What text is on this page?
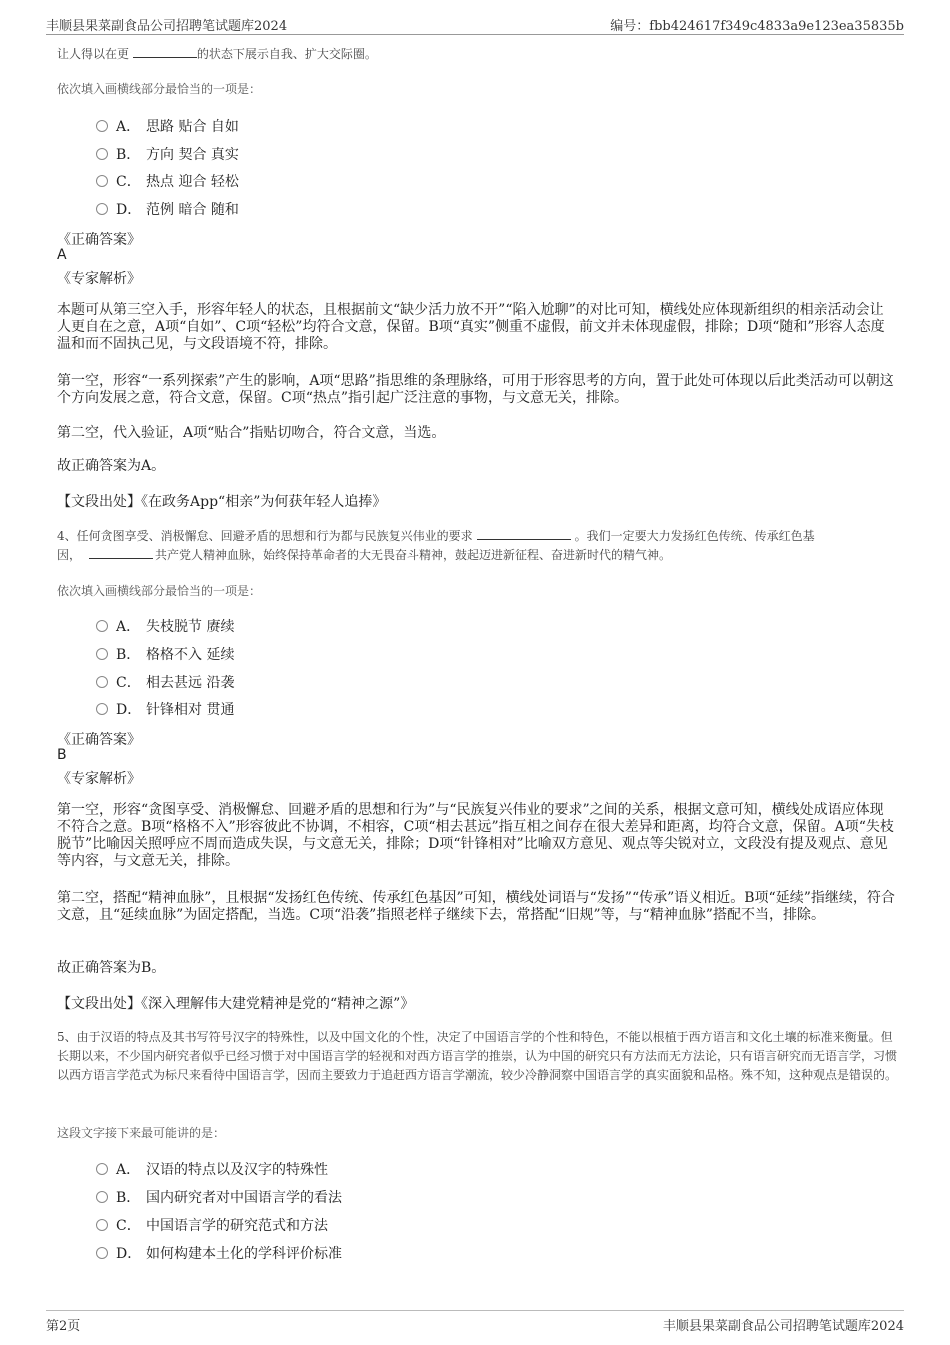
丰顺县果菜副食品公司招聘笔试题库2024	编号：fbb424617f349c4833a9e123ea35835b
让人得以在更	的状态下展示自我、扩大交际圈。
依次填入画横线部分最恰当的一项是：
A． 思路 贴合 自如
B． 方向 契合 真实
C． 热点 迎合 轻松
D． 范例 暗合 随和
《正确答案》
A
《专家解析》
本题可从第三空入手，形容年轻人的状态，且根据前文“缺少活力放不开”“陷入尬聊”的对比可知，横线处应体现新组织的相亲活动会让人更自在之意，A项“自如”、C项“轻松”均符合文意，保留。B项“真实”侧重不虚假，前文并未体现虚假，排除；D项“随和”形容人态度温和而不固执己见，与文段语境不符，排除。
第一空，形容“一系列探索”产生的影响，A项“思路”指思维的条理脉络，可用于形容思考的方向，置于此处可体现以后此类活动可以朝这个方向发展之意，符合文意，保留。C项“热点”指引起广泛注意的事物，与文意无关，排除。
第二空，代入验证，A项“贴合”指贴切吻合，符合文意，当选。
故正确答案为A。
【文段出处】《在政务App“相亲”为何获年轻人追捧》
4、任何贪图享受、消极懈怠、回避矛盾的思想和行为都与民族复兴伟业的要求	。我们一定要大力发扬红色传统、传承红色基
因，	共产党人精神血脉，始终保持革命者的大无畏奋斗精神，鼓起迈进新征程、奋进新时代的精气神。
依次填入画横线部分最恰当的一项是：
A． 失枝脱节 赓续
B． 格格不入 延续
C． 相去甚远 沿袭
D． 针锋相对 贯通
《正确答案》
B
《专家解析》
第一空，形容“贪图享受、消极懈怠、回避矛盾的思想和行为”与“民族复兴伟业的要求”之间的关系，根据文意可知，横线处成语应体现不符合之意。B项“格格不入”形容彼此不协调，不相容，C项“相去甚远”指互相之间存在很大差异和距离，均符合文意，保留。A项“失枝脱节”比喻因关照呼应不周而造成失误，与文意无关，排除；D项“针锋相对”比喻双方意见、观点等尖锐对立，文段没有提及观点、意见等内容，与文意无关，排除。
第二空，搭配“精神血脉”，且根据“发扬红色传统、传承红色基因”可知，横线处词语与“发扬”“传承”语义相近。B项“延续”指继续，符合文意，且“延续血脉”为固定搭配，当选。C项“沿袭”指照老样子继续下去，常搭配“旧规”等，与“精神血脉”搭配不当，排除。
故正确答案为B。
【文段出处】《深入理解伟大建党精神是党的“精神之源”》
5、由于汉语的特点及其书写符号汉字的特殊性，以及中国文化的个性，决定了中国语言学的个性和特色，不能以根植于西方语言和文化土壤的标准来衡量。但长期以来，不少国内研究者似乎已经习惯于对中国语言学的轻视和对西方语言学的推崇，认为中国的研究只有方法而无方法论，只有语言研究而无语言学，习惯以西方语言学范式为标尺来看待中国语言学，因而主要致力于追赶西方语言学潮流，较少冷静洞察中国语言学的真实面貌和品格。殊不知，这种观点是错误的。
这段文字接下来最可能讲的是：
A． 汉语的特点以及汉字的特殊性
B． 国内研究者对中国语言学的看法
C． 中国语言学的研究范式和方法
D． 如何构建本土化的学科评价标准
第2页	丰顺县果菜副食品公司招聘笔试题库2024
